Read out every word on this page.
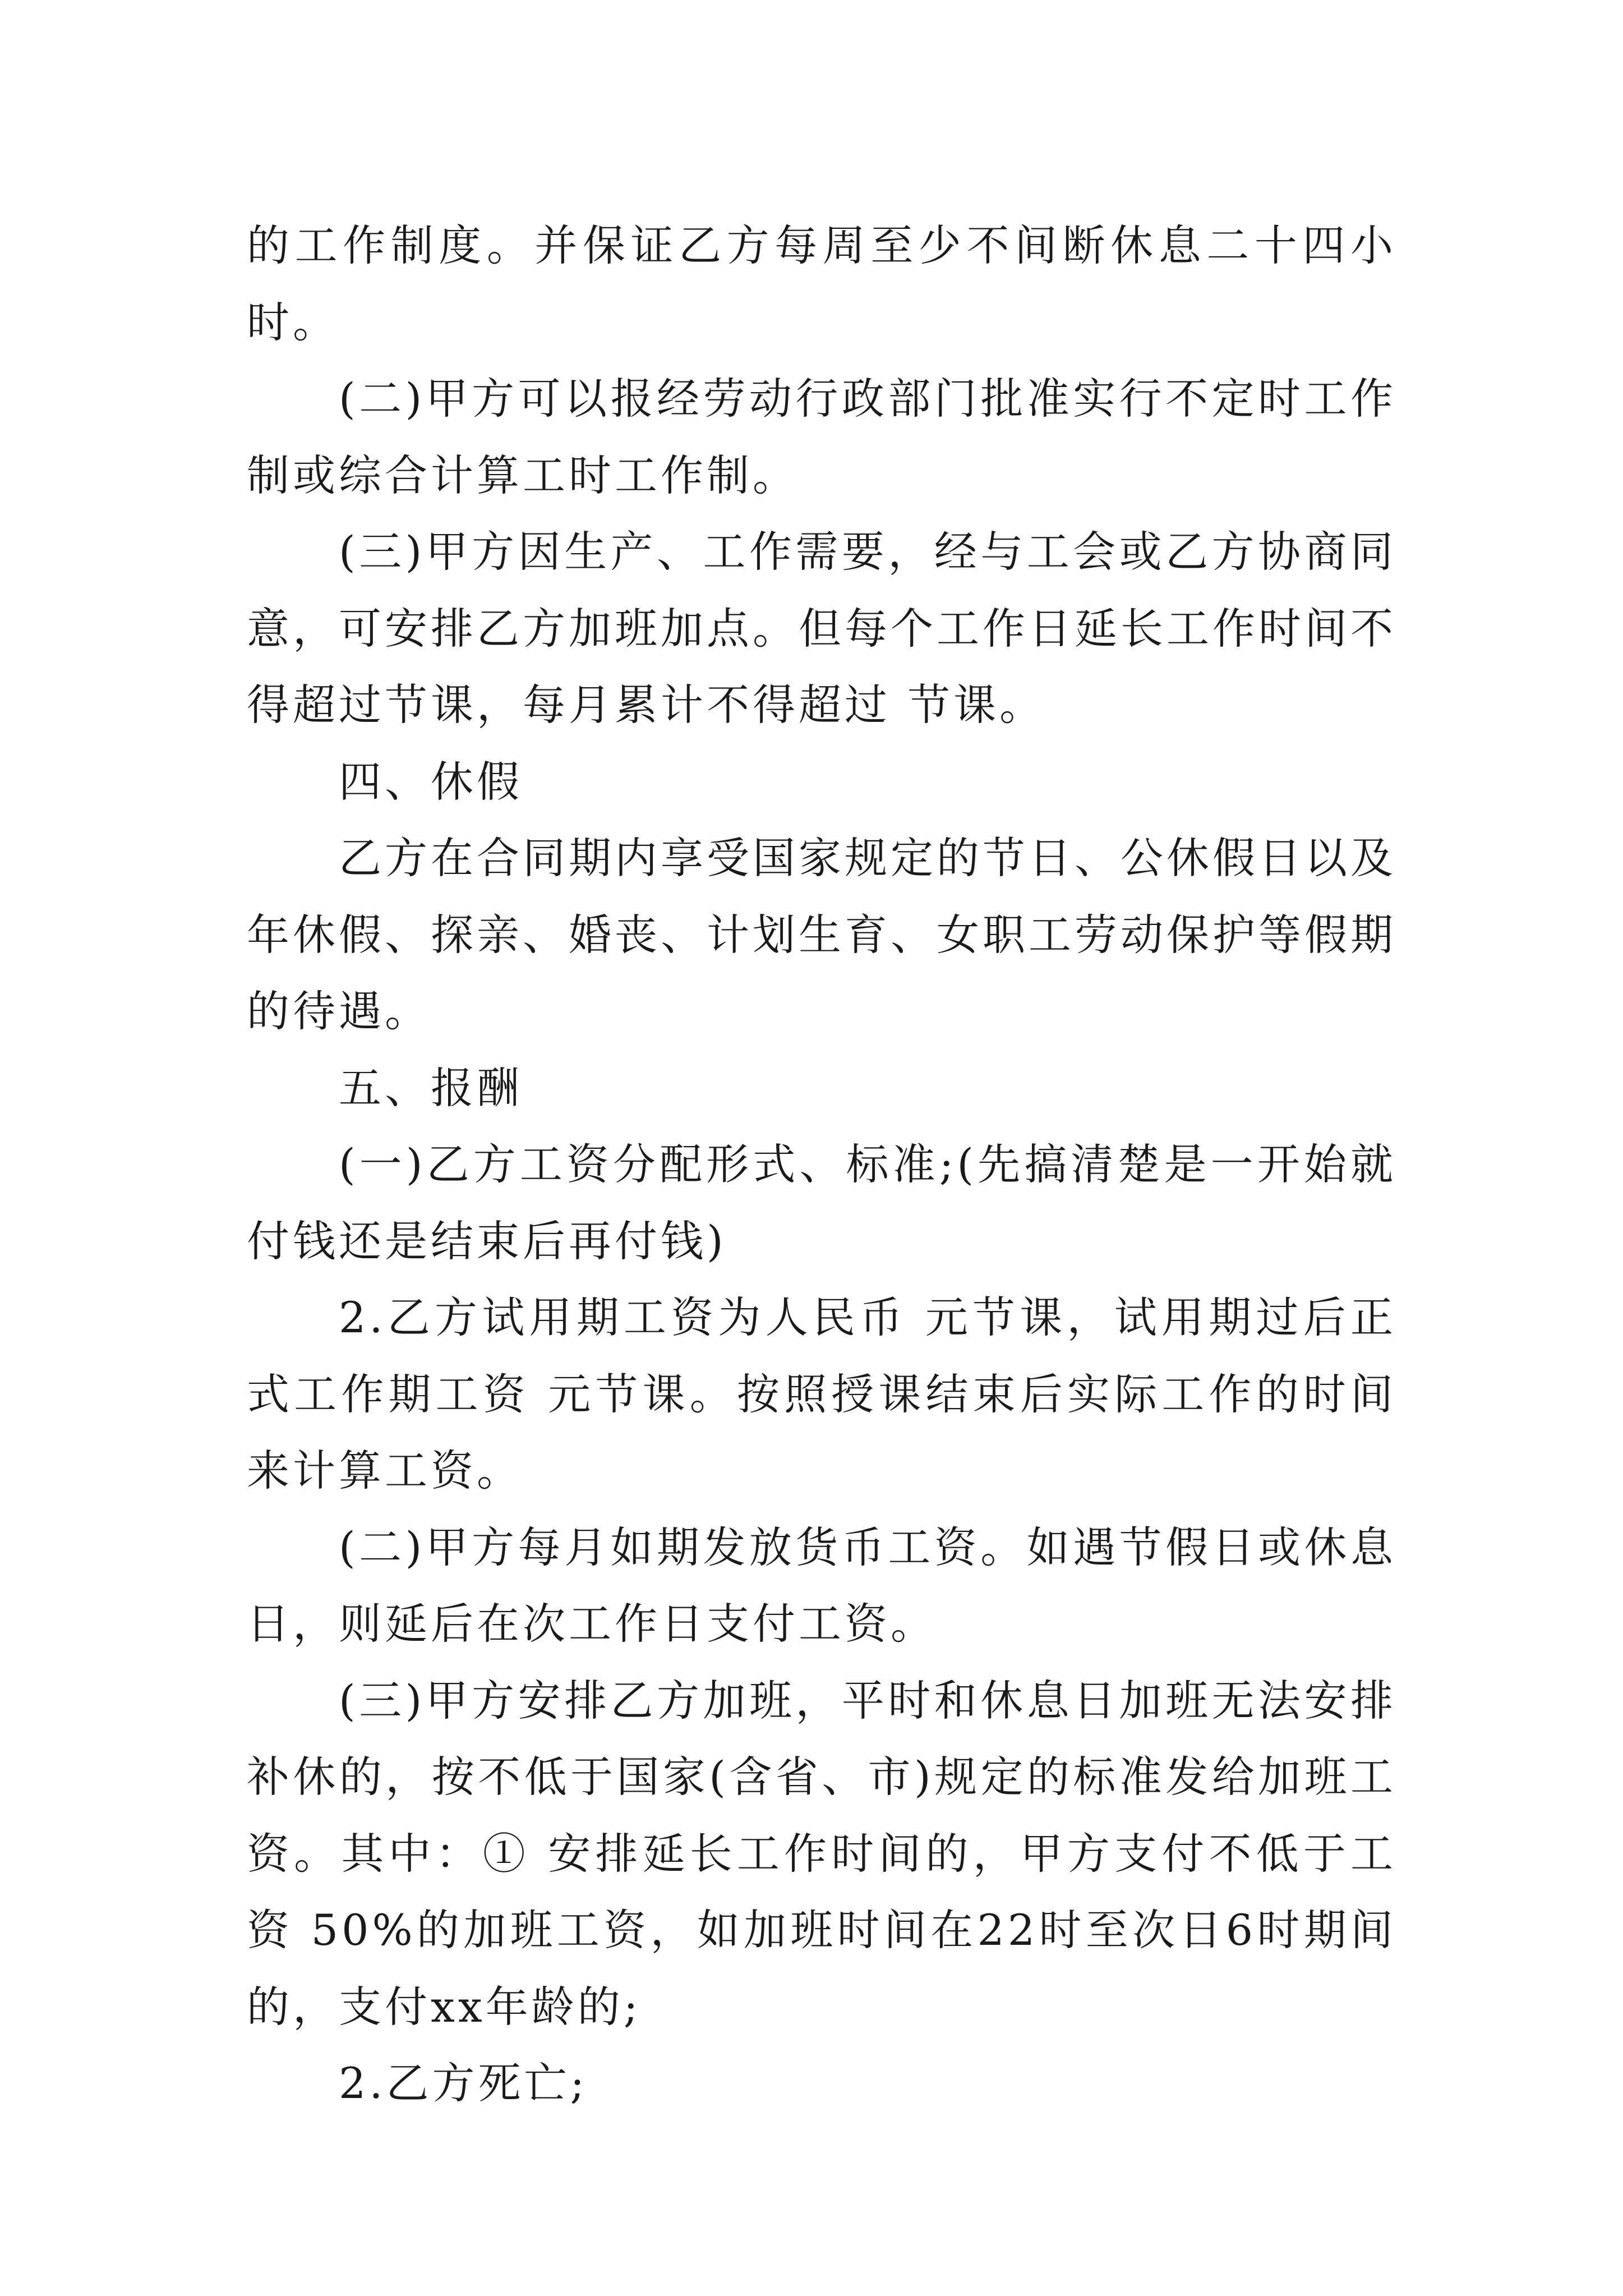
的工作制度。并保证乙方每周至少不间断休息二十四小时。

(二)甲方可以报经劳动行政部门批准实行不定时工作制或综合计算工时工作制。

(三)甲方因生产、工作需要，经与工会或乙方协商同意，可安排乙方加班加点。但每个工作日延长工作时间不得超过节课，每月累计不得超过 节课。

四、休假

乙方在合同期内享受国家规定的节日、公休假日以及年休假、探亲、婚丧、计划生育、女职工劳动保护等假期的待遇。

五、报酬

(一)乙方工资分配形式、标准;(先搞清楚是一开始就付钱还是结束后再付钱)

2.乙方试用期工资为人民币 元节课，试用期过后正式工作期工资 元节课。按照授课结束后实际工作的时间来计算工资。

(二)甲方每月如期发放货币工资。如遇节假日或休息日，则延后在次工作日支付工资。

(三)甲方安排乙方加班，平时和休息日加班无法安排补休的，按不低于国家(含省、市)规定的标准发给加班工资。其中：① 安排延长工作时间的，甲方支付不低于工资 50%的加班工资，如加班时间在22时至次日6时期间的，支付xx年龄的;

2.乙方死亡;
